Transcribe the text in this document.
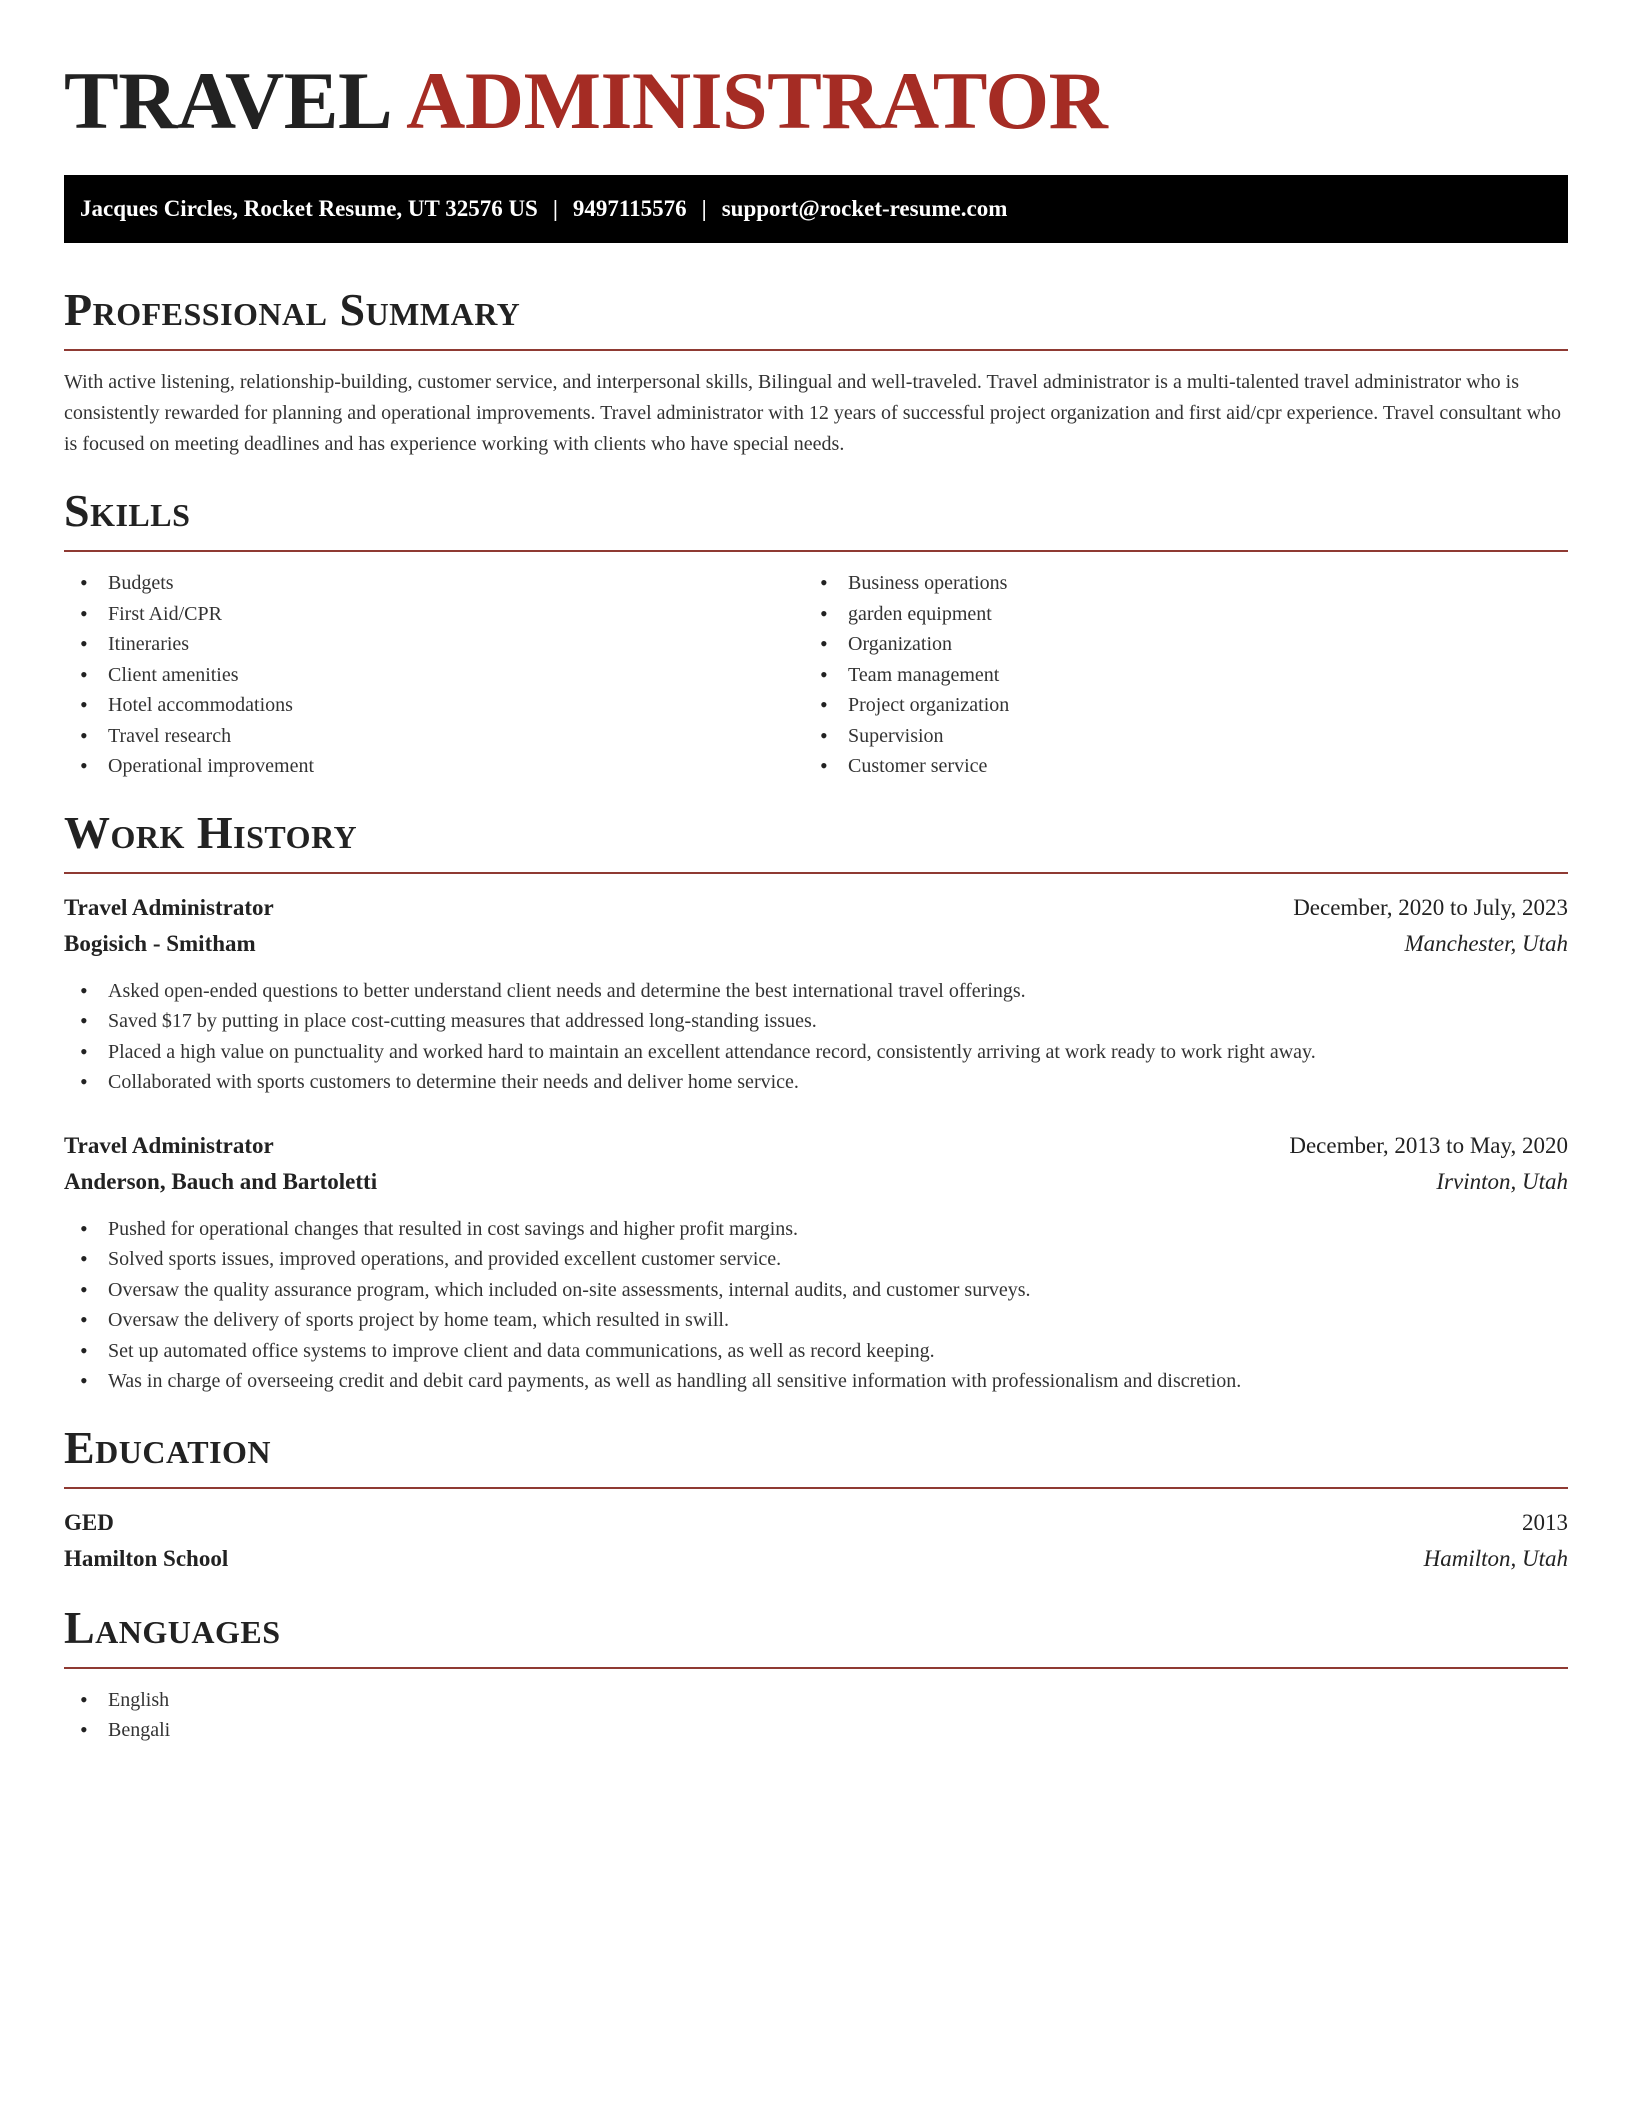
TRAVEL ADMINISTRATOR
Jacques Circles, Rocket Resume, UT 32576 US | 9497115576 | support@rocket-resume.com
Professional Summary

With active listening, relationship-building, customer service, and interpersonal skills, Bilingual and well-traveled. Travel administrator is a multi-talented travel administrator who is consistently rewarded for planning and operational improvements. Travel administrator with 12 years of successful project organization and first aid/cpr experience. Travel consultant who is focused on meeting deadlines and has experience working with clients who have special needs.

Skills
• Budgets
• First Aid/CPR
• Itineraries
• Client amenities
• Hotel accommodations
• Travel research
• Operational improvement
• Business operations
• garden equipment
• Organization
• Team management
• Project organization
• Supervision
• Customer service
Work History
Travel Administrator	December, 2020 to July, 2023
Bogisich - Smitham	Manchester, Utah
• Asked open-ended questions to better understand client needs and determine the best international travel offerings.
• Saved $17 by putting in place cost-cutting measures that addressed long-standing issues.
• Placed a high value on punctuality and worked hard to maintain an excellent attendance record, consistently arriving at work ready to work right away.
• Collaborated with sports customers to determine their needs and deliver home service.
Travel Administrator	December, 2013 to May, 2020
Anderson, Bauch and Bartoletti	Irvinton, Utah
• Pushed for operational changes that resulted in cost savings and higher profit margins.
• Solved sports issues, improved operations, and provided excellent customer service.
• Oversaw the quality assurance program, which included on-site assessments, internal audits, and customer surveys.
• Oversaw the delivery of sports project by home team, which resulted in swill.
• Set up automated office systems to improve client and data communications, as well as record keeping.
• Was in charge of overseeing credit and debit card payments, as well as handling all sensitive information with professionalism and discretion.
Education
GED	2013
Hamilton School	Hamilton, Utah
Languages
• English
• Bengali
